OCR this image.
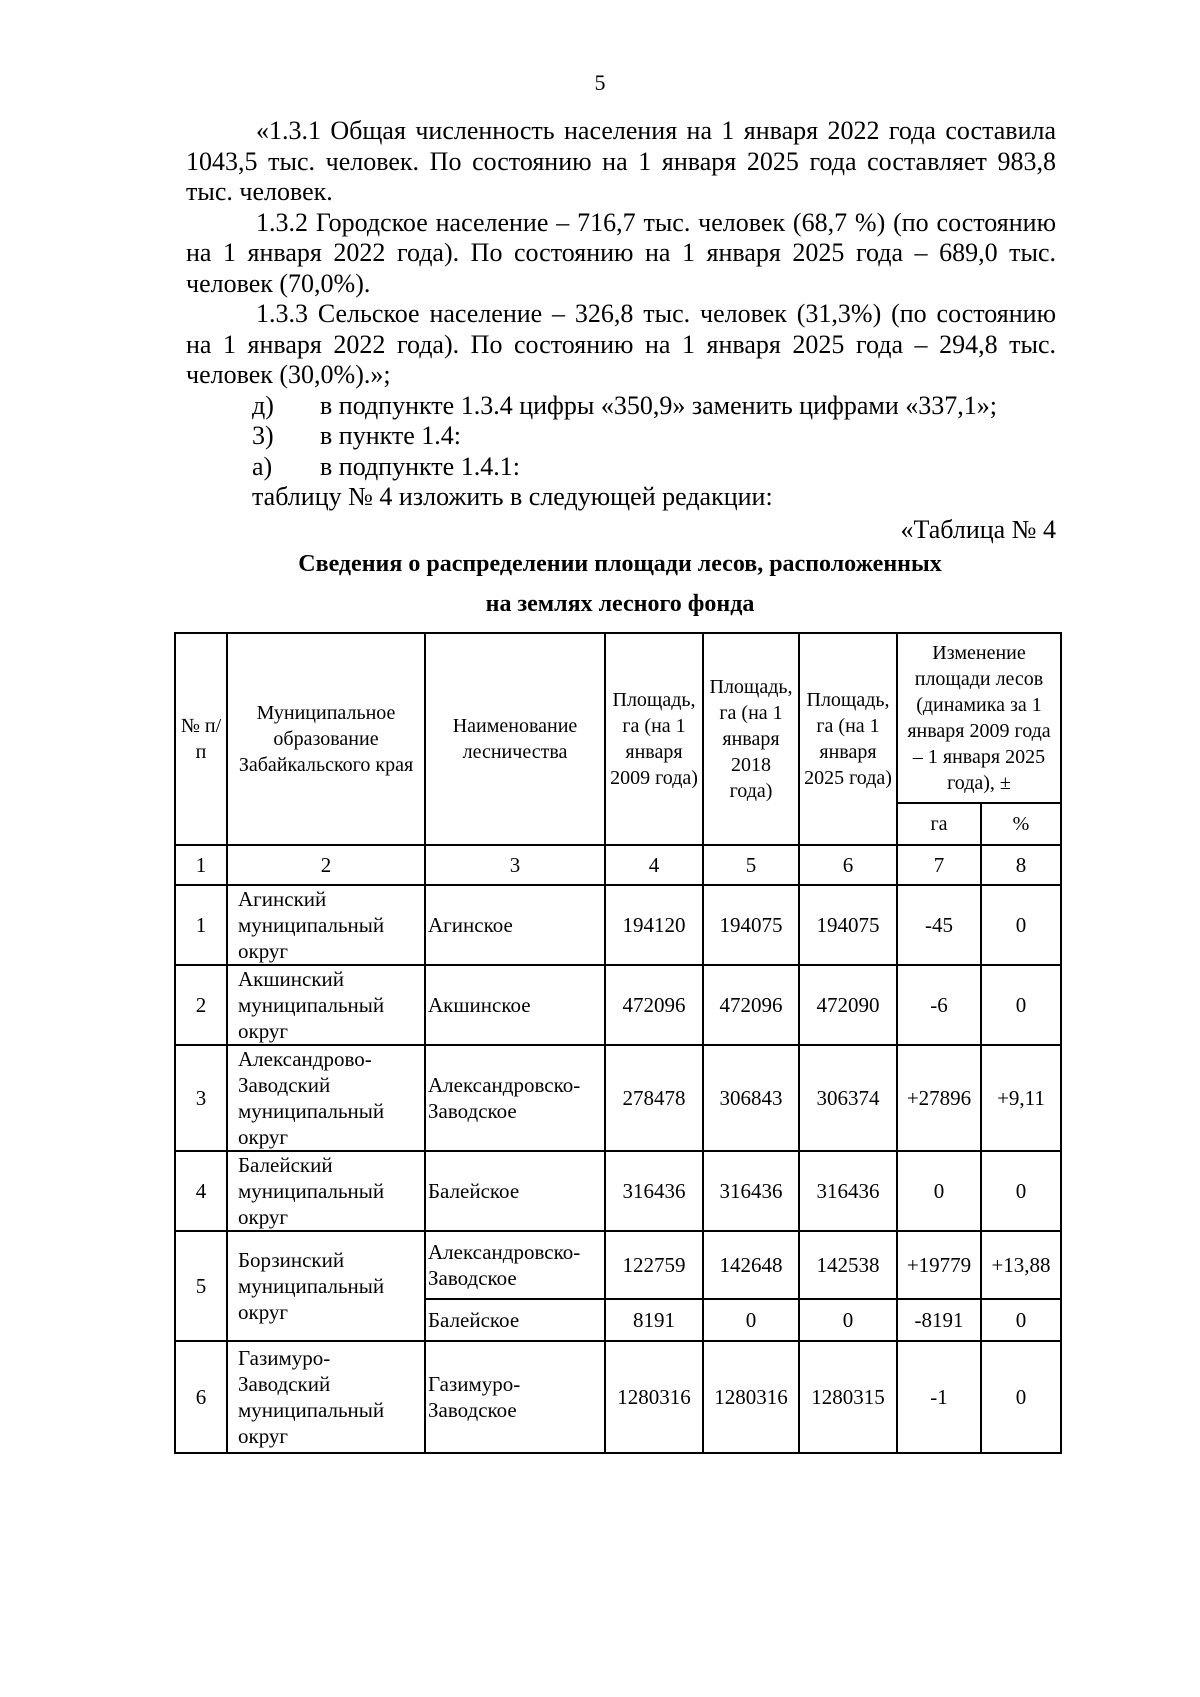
5

«1.3.1 Общая численность населения на 1 января 2022 года составила 1043,5 тыс. человек. По состоянию на 1 января 2025 года составляет 983,8 тыс. человек.

1.3.2 Городское население – 716,7 тыс. человек (68,7 %) (по состоянию на 1 января 2022 года). По состоянию на 1 января 2025 года – 689,0 тыс. человек (70,0%).

1.3.3 Сельское население – 326,8 тыс. человек (31,3%) (по состоянию на 1 января 2022 года). По состоянию на 1 января 2025 года – 294,8 тыс. человек (30,0%).»;

д) в подпункте 1.3.4 цифры «350,9» заменить цифрами «337,1»;

3) в пункте 1.4:

а) в подпункте 1.4.1:

таблицу № 4 изложить в следующей редакции:

«Таблица № 4

Сведения о распределении площади лесов, расположенных
на землях лесного фонда
№ п/п	Муниципальное образование Забайкальского края	Наименование лесничества	Площадь, га (на 1 января 2009 года)	Площадь, га (на 1 января 2018 года)	Площадь, га (на 1 января 2025 года)	Изменение площади лесов (динамика за 1 января 2009 года – 1 января 2025 года), ±	
						га	%
1	2	3	4	5	6	7	8
1	Агинский муниципальный округ	Агинское	194120	194075	194075	-45	0
2	Акшинский муниципальный округ	Акшинское	472096	472096	472090	-6	0
3	Александрово-Заводский муниципальный округ	Александровско-Заводское	278478	306843	306374	+27896	+9,11
4	Балейский муниципальный округ	Балейское	316436	316436	316436	0	0
5	Борзинский муниципальный округ	Александровско-Заводское	122759	142648	142538	+19779	+13,88
		Балейское	8191	0	0	-8191	0
6	Газимуро-Заводский муниципальный округ	Газимуро-Заводское	1280316	1280316	1280315	-1	0
